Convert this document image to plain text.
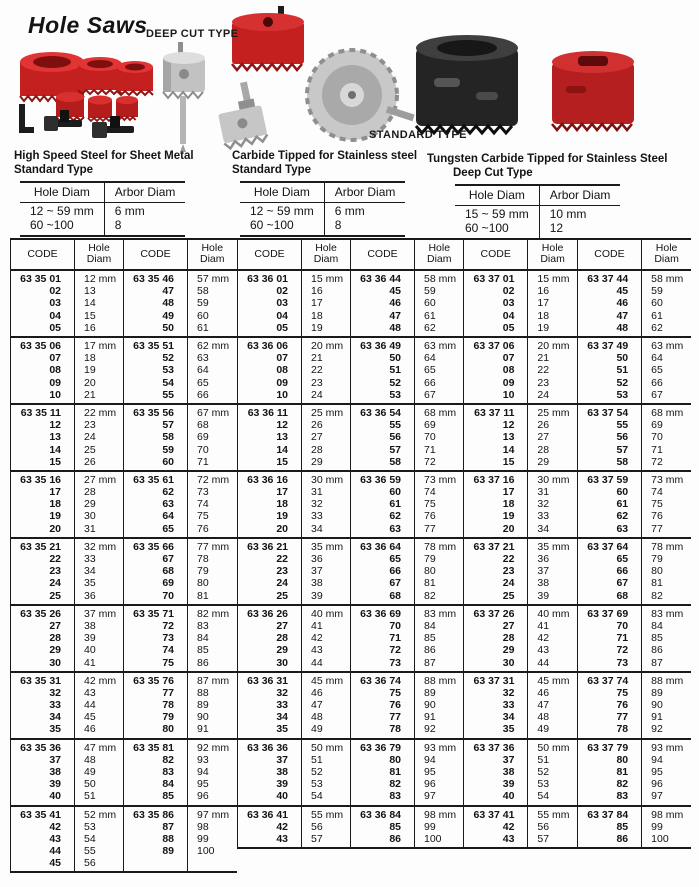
Hole Saws
DEEP CUT TYPE
STANDARD TYPE
High Speed Steel for Sheet Metal
Standard Type
Hole Diam	Arbor Diam
12 ~ 59 mm	6 mm
60 ~100	8
Carbide Tipped for Stainless steel
Standard Type
Hole Diam	Arbor Diam
12 ~ 59 mm	6 mm
60 ~100	8
Tungsten Carbide Tipped for Stainless Steel
Deep Cut Type
Hole Diam	Arbor Diam
15 ~ 59 mm	10 mm
60 ~100	12
CODE	Hole
Diam	CODE	Hole
Diam

63 35 01	12 mm	63 35 46	57 mm
02	13	47	58
03	14	48	59
04	15	49	60
05	16	50	61
63 35 06	17 mm	63 35 51	62 mm
07	18	52	63
08	19	53	64
09	20	54	65
10	21	55	66
63 35 11	22 mm	63 35 56	67 mm
12	23	57	68
13	24	58	69
14	25	59	70
15	26	60	71
63 35 16	27 mm	63 35 61	72 mm
17	28	62	73
18	29	63	74
19	30	64	75
20	31	65	76
63 35 21	32 mm	63 35 66	77 mm
22	33	67	78
23	34	68	79
24	35	69	80
25	36	70	81
63 35 26	37 mm	63 35 71	82 mm
27	38	72	83
28	39	73	84
29	40	74	85
30	41	75	86
63 35 31	42 mm	63 35 76	87 mm
32	43	77	88
33	44	78	89
34	45	79	90
35	46	80	91
63 35 36	47 mm	63 35 81	92 mm
37	48	82	93
38	49	83	94
39	50	84	95
40	51	85	96
63 35 41	52 mm	63 35 86	97 mm
42	53	87	98
43	54	88	99
44	55	89	100
45	56		
CODE	Hole
Diam	CODE	Hole
Diam

63 36 01	15 mm	63 36 44	58 mm
02	16	45	59
03	17	46	60
04	18	47	61
05	19	48	62
63 36 06	20 mm	63 36 49	63 mm
07	21	50	64
08	22	51	65
09	23	52	66
10	24	53	67
63 36 11	25 mm	63 36 54	68 mm
12	26	55	69
13	27	56	70
14	28	57	71
15	29	58	72
63 36 16	30 mm	63 36 59	73 mm
17	31	60	74
18	32	61	75
19	33	62	76
20	34	63	77
63 36 21	35 mm	63 36 64	78 mm
22	36	65	79
23	37	66	80
24	38	67	81
25	39	68	82
63 36 26	40 mm	63 36 69	83 mm
27	41	70	84
28	42	71	85
29	43	72	86
30	44	73	87
63 36 31	45 mm	63 36 74	88 mm
32	46	75	89
33	47	76	90
34	48	77	91
35	49	78	92
63 36 36	50 mm	63 36 79	93 mm
37	51	80	94
38	52	81	95
39	53	82	96
40	54	83	97
63 36 41	55 mm	63 36 84	98 mm
42	56	85	99
43	57	86	100
CODE	Hole
Diam	CODE	Hole
Diam

63 37 01	15 mm	63 37 44	58 mm
02	16	45	59
03	17	46	60
04	18	47	61
05	19	48	62
63 37 06	20 mm	63 37 49	63 mm
07	21	50	64
08	22	51	65
09	23	52	66
10	24	53	67
63 37 11	25 mm	63 37 54	68 mm
12	26	55	69
13	27	56	70
14	28	57	71
15	29	58	72
63 37 16	30 mm	63 37 59	73 mm
17	31	60	74
18	32	61	75
19	33	62	76
20	34	63	77
63 37 21	35 mm	63 37 64	78 mm
22	36	65	79
23	37	66	80
24	38	67	81
25	39	68	82
63 37 26	40 mm	63 37 69	83 mm
27	41	70	84
28	42	71	85
29	43	72	86
30	44	73	87
63 37 31	45 mm	63 37 74	88 mm
32	46	75	89
33	47	76	90
34	48	77	91
35	49	78	92
63 37 36	50 mm	63 37 79	93 mm
37	51	80	94
38	52	81	95
39	53	82	96
40	54	83	97
63 37 41	55 mm	63 37 84	98 mm
42	56	85	99
43	57	86	100
